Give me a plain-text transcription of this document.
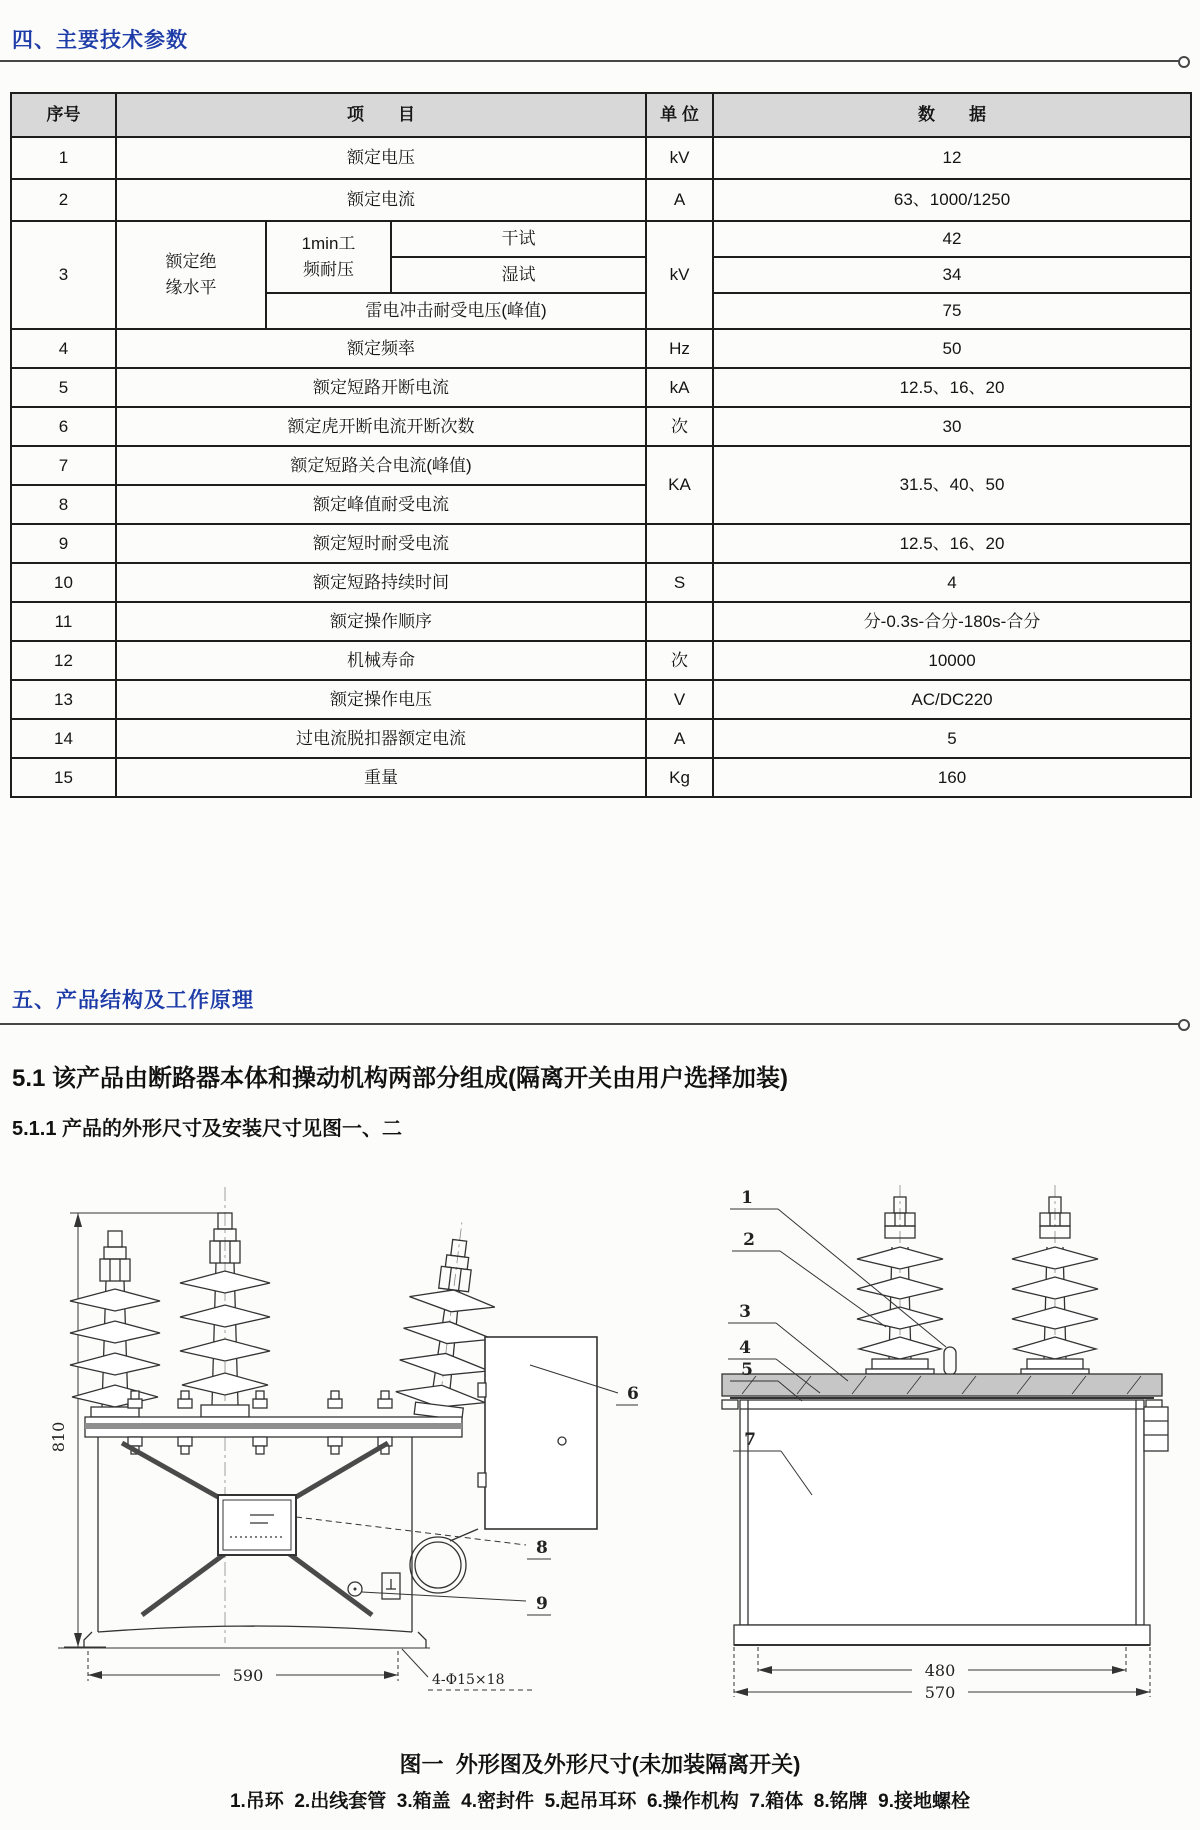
四、主要技术参数
序号	项　　目			单 位	数　　据
1	额定电压			kV	12
2	额定电流			A	63、1000/1250
3	额定绝缘水平	1min工频耐压	干试	kV	42
			湿试		34
		雷电冲击耐受电压(峰值)			75
4	额定频率			Hz	50
5	额定短路开断电流			kA	12.5、16、20
6	额定虎开断电流开断次数			次	30
7	额定短路关合电流(峰值)			KA	31.5、40、50
8	额定峰值耐受电流				
9	额定短时耐受电流				12.5、16、20
10	额定短路持续时间			S	4
11	额定操作顺序				分-0.3s-合分-180s-合分
12	机械寿命			次	10000
13	额定操作电压			V	AC/DC220
14	过电流脱扣器额定电流			A	5
15	重量			Kg	160
五、产品结构及工作原理
5.1 该产品由断路器本体和操动机构两部分组成(隔离开关由用户选择加装)
5.1.1 产品的外形尺寸及安装尺寸见图一、二
810
6
8
9
590	4-Φ15×18
1
2
3
4
5
7
480
570
图一  外形图及外形尺寸(未加装隔离开关)
1.吊环  2.出线套管  3.箱盖  4.密封件  5.起吊耳环  6.操作机构  7.箱体  8.铭牌  9.接地螺栓
